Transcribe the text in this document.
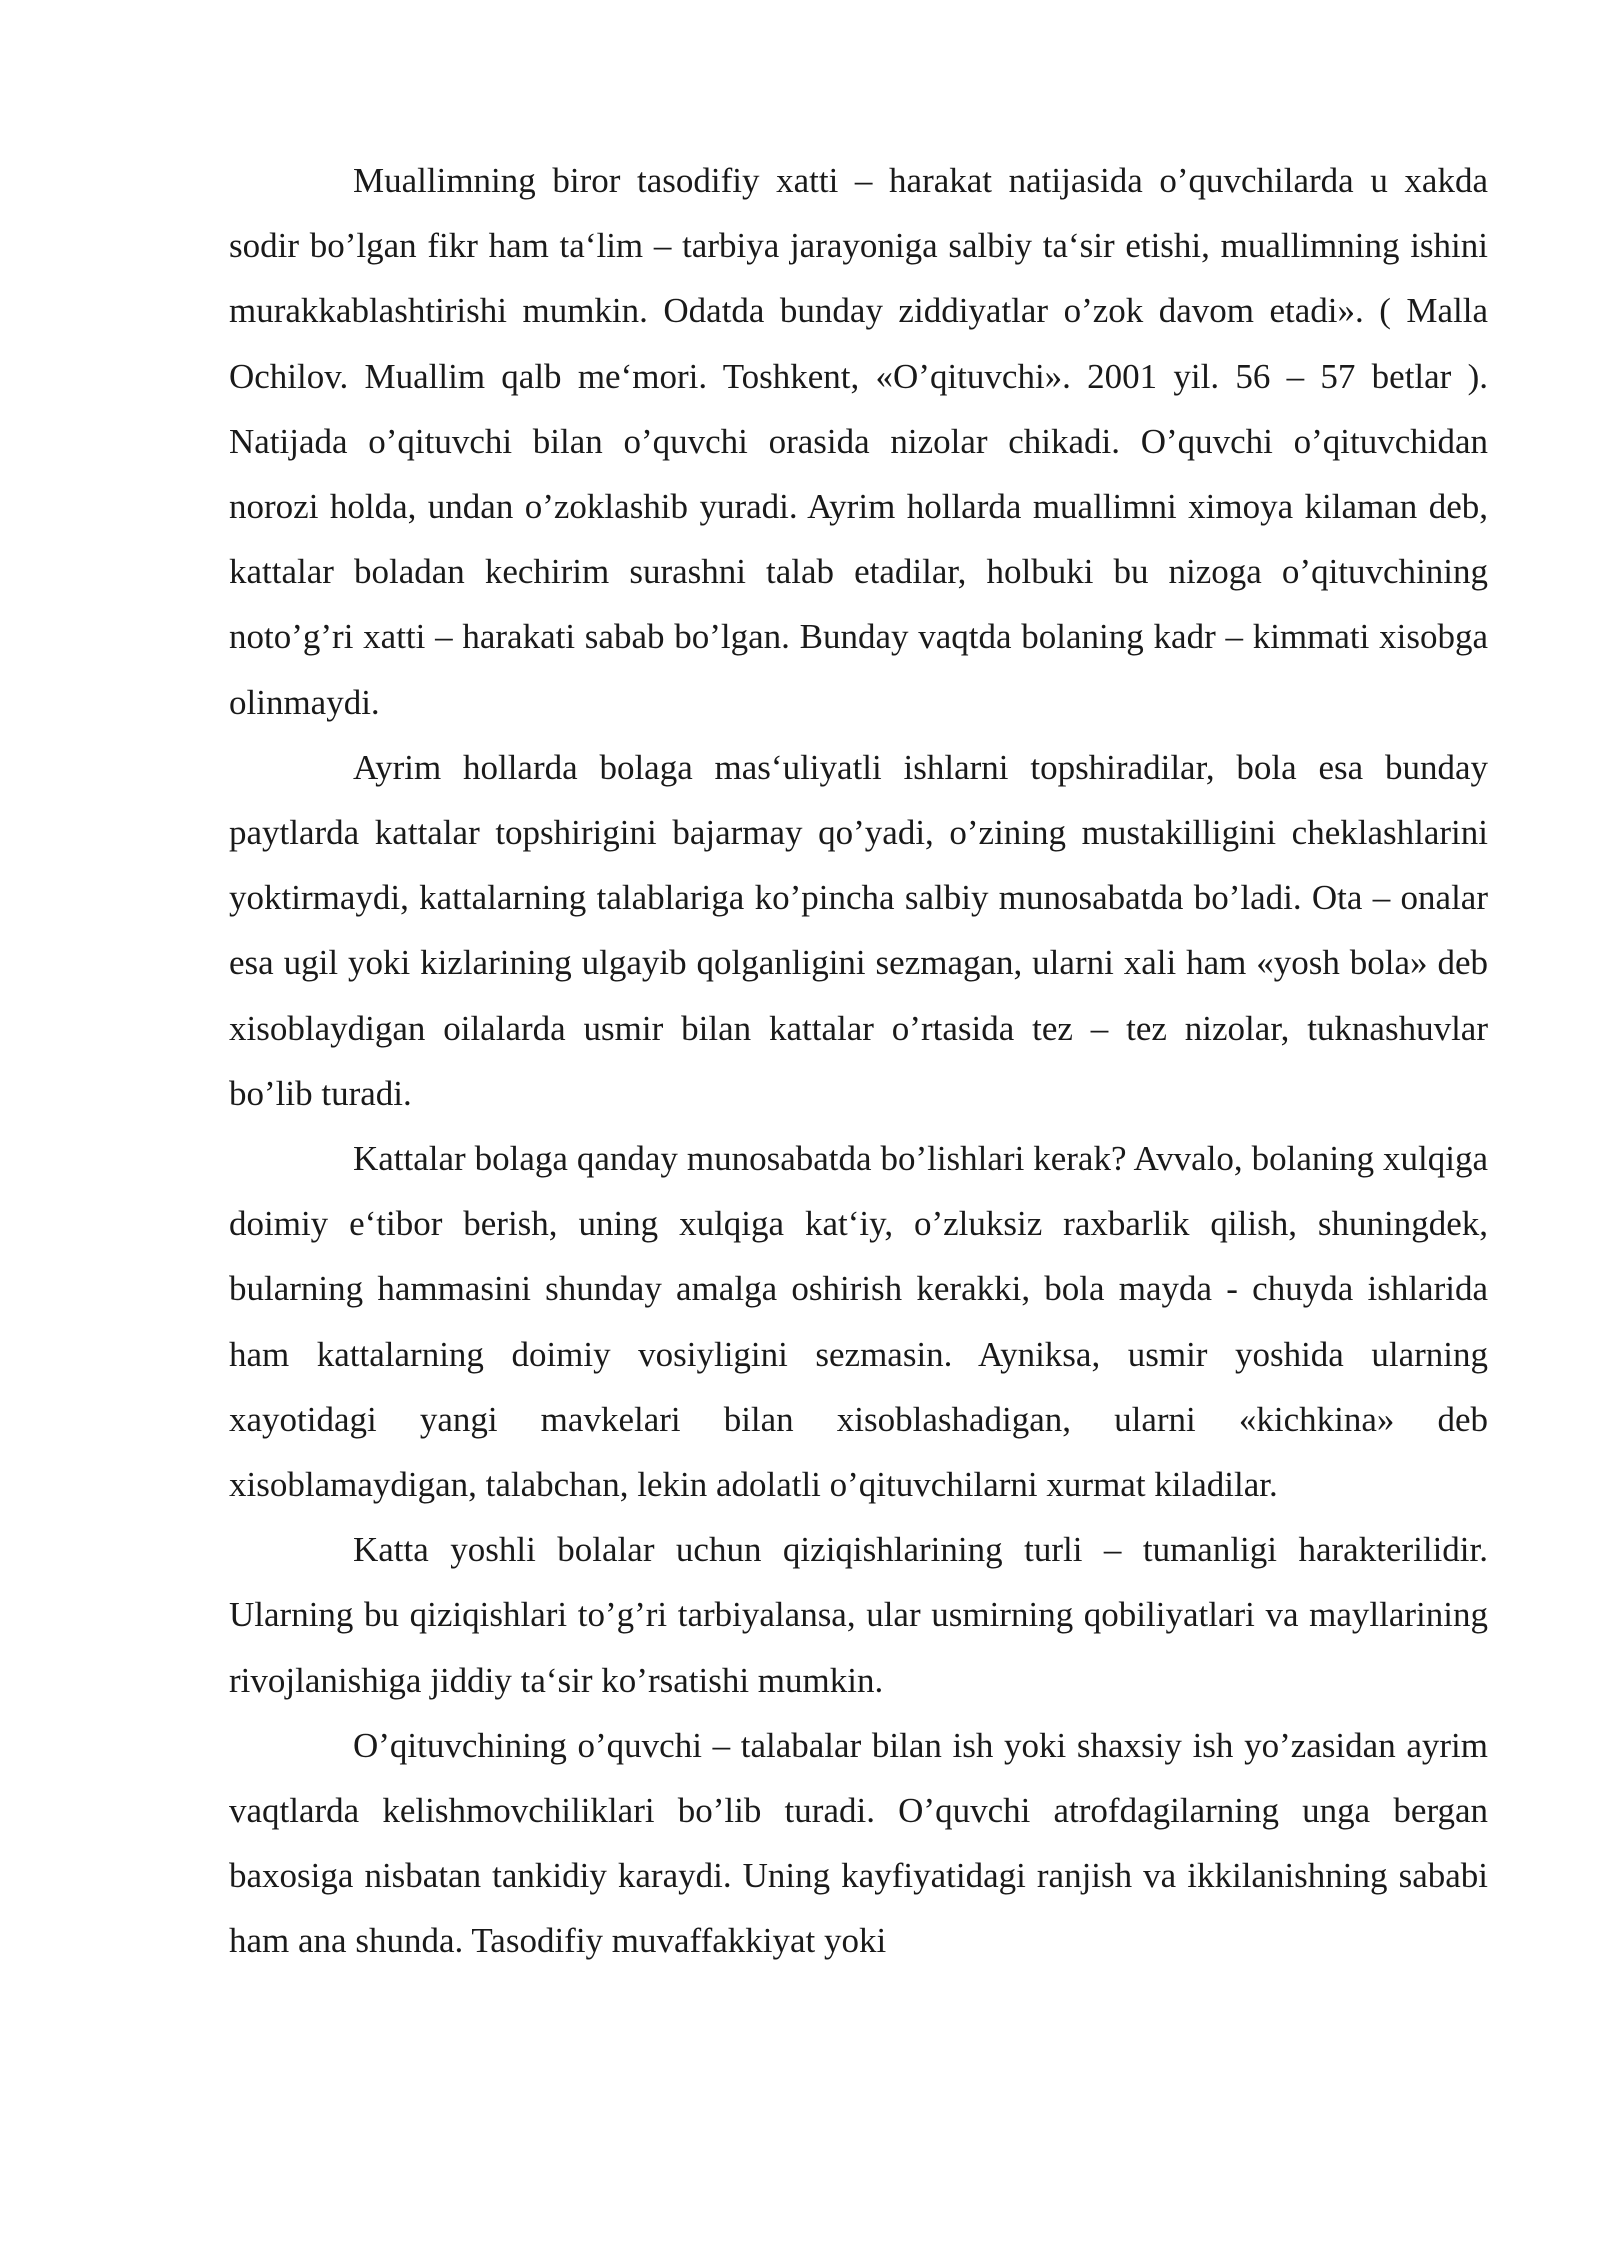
Muallimning biror tasodifiy xatti – harakat natijasida o’quvchilarda u xakda sodir bo’lgan fikr ham ta‘lim – tarbiya jarayoniga salbiy ta‘sir etishi, muallimning ishini murakkablashtirishi mumkin. Odatda bunday ziddiyatlar o’zok davom etadi». ( Malla Ochilov. Muallim qalb me‘mori. Toshkent, «O’qituvchi». 2001 yil. 56 – 57 betlar ). Natijada o’qituvchi bilan o’quvchi orasida nizolar chikadi. O’quvchi o’qituvchidan norozi holda, undan o’zoklashib yuradi. Ayrim hollarda muallimni ximoya kilaman deb, kattalar boladan kechirim surashni talab etadilar, holbuki bu nizoga o’qituvchining noto’g’ri xatti – harakati sabab bo’lgan. Bunday vaqtda bolaning kadr – kimmati xisobga olinmaydi.

Ayrim hollarda bolaga mas‘uliyatli ishlarni topshiradilar, bola esa bunday paytlarda kattalar topshirigini bajarmay qo’yadi, o’zining mustakilligini cheklashlarini yoktirmaydi, kattalarning talablariga ko’pincha salbiy munosabatda bo’ladi. Ota – onalar esa ugil yoki kizlarining ulgayib qolganligini sezmagan, ularni xali ham «yosh bola» deb xisoblaydigan oilalarda usmir bilan kattalar o’rtasida tez – tez nizolar, tuknashuvlar bo’lib turadi.

Kattalar bolaga qanday munosabatda bo’lishlari kerak? Avvalo, bolaning xulqiga doimiy e‘tibor berish, uning xulqiga kat‘iy, o’zluksiz raxbarlik qilish, shuningdek, bularning hammasini shunday amalga oshirish kerakki, bola mayda - chuyda ishlarida ham kattalarning doimiy vosiyligini sezmasin. Ayniksa, usmir yoshida ularning xayotidagi yangi mavkelari bilan xisoblashadigan, ularni «kichkina» deb xisoblamaydigan, talabchan, lekin adolatli o’qituvchilarni xurmat kiladilar.

Katta yoshli bolalar uchun qiziqishlarining turli – tumanligi harakterilidir. Ularning bu qiziqishlari to’g’ri tarbiyalansa, ular usmirning qobiliyatlari va mayllarining rivojlanishiga jiddiy ta‘sir ko’rsatishi mumkin.

O’qituvchining o’quvchi – talabalar bilan ish yoki shaxsiy ish yo’zasidan ayrim vaqtlarda kelishmovchiliklari bo’lib turadi. O’quvchi atrofdagilarning unga bergan baxosiga nisbatan tankidiy karaydi. Uning kayfiyatidagi ranjish va ikkilanishning sababi ham ana shunda. Tasodifiy muvaffakkiyat yoki
